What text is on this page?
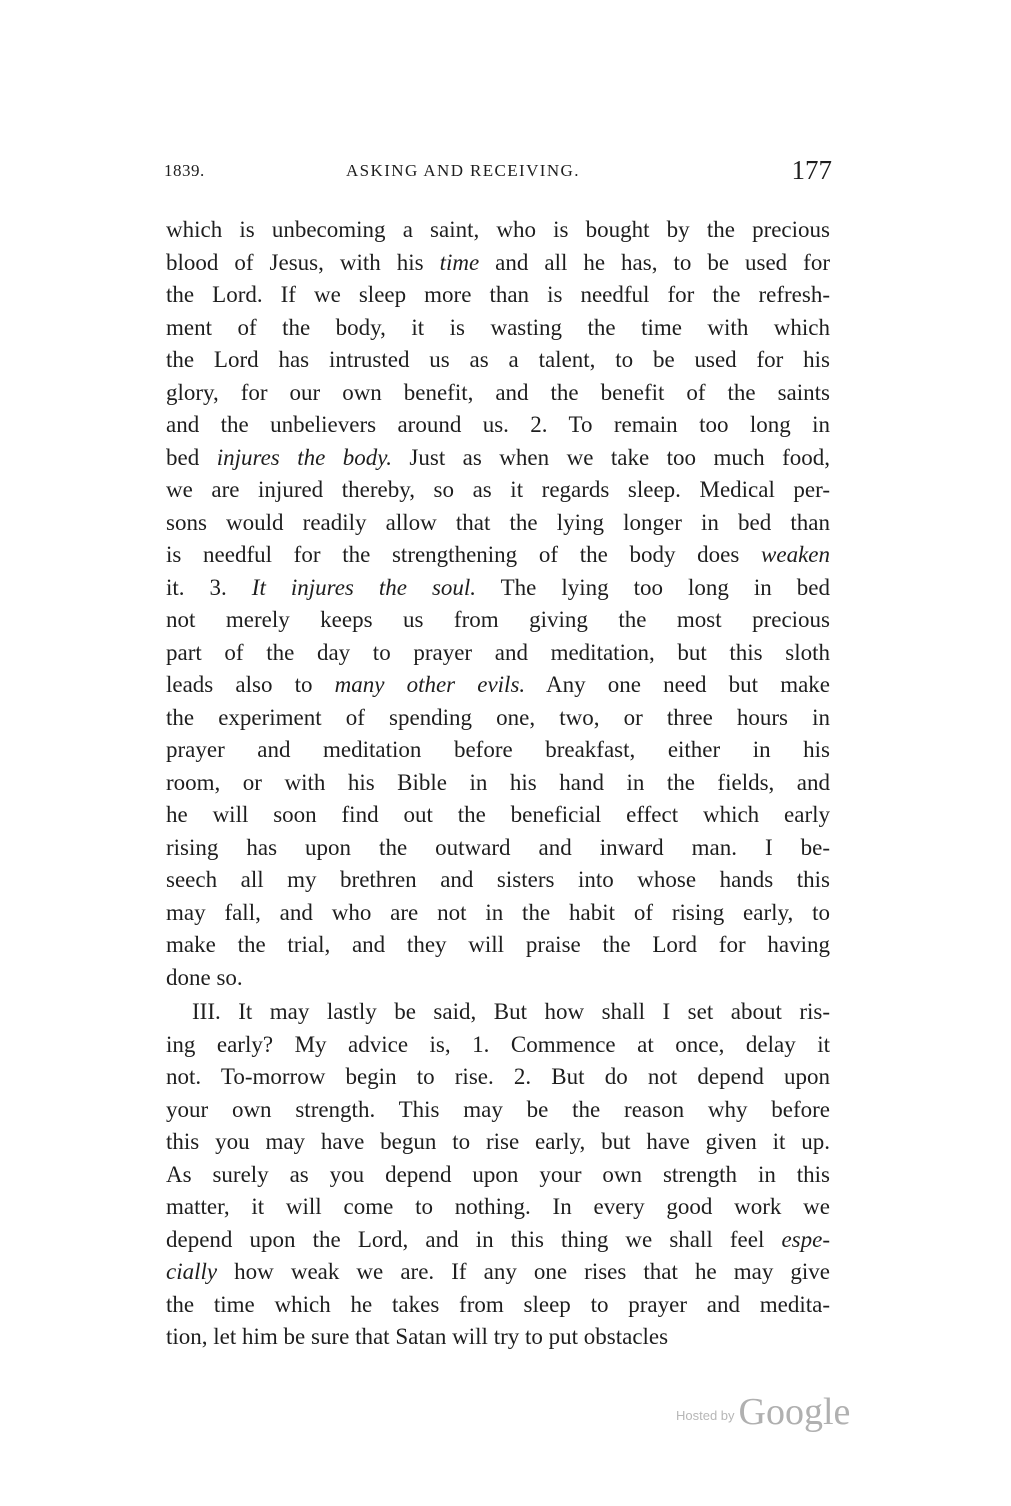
1839.	ASKING AND RECEIVING.	177
which is unbecoming a saint, who is bought by the precious
blood of Jesus, with his time and all he has, to be used for
the Lord. If we sleep more than is needful for the refresh-
ment of the body, it is wasting the time with which
the Lord has intrusted us as a talent, to be used for his
glory, for our own benefit, and the benefit of the saints
and the unbelievers around us. 2. To remain too long in
bed injures the body. Just as when we take too much food,
we are injured thereby, so as it regards sleep. Medical per-
sons would readily allow that the lying longer in bed than
is needful for the strengthening of the body does weaken
it. 3. It injures the soul. The lying too long in bed
not merely keeps us from giving the most precious
part of the day to prayer and meditation, but this sloth
leads also to many other evils. Any one need but make
the experiment of spending one, two, or three hours in
prayer and meditation before breakfast, either in his
room, or with his Bible in his hand in the fields, and
he will soon find out the beneficial effect which early
rising has upon the outward and inward man. I be-
seech all my brethren and sisters into whose hands this
may fall, and who are not in the habit of rising early, to
make the trial, and they will praise the Lord for having
done so.
III. It may lastly be said, But how shall I set about ris-
ing early? My advice is, 1. Commence at once, delay it
not. To-morrow begin to rise. 2. But do not depend upon
your own strength. This may be the reason why before
this you may have begun to rise early, but have given it up.
As surely as you depend upon your own strength in this
matter, it will come to nothing. In every good work we
depend upon the Lord, and in this thing we shall feel espe-
cially how weak we are. If any one rises that he may give
the time which he takes from sleep to prayer and medita-
tion, let him be sure that Satan will try to put obstacles
$^{Hosted by}$ Google
